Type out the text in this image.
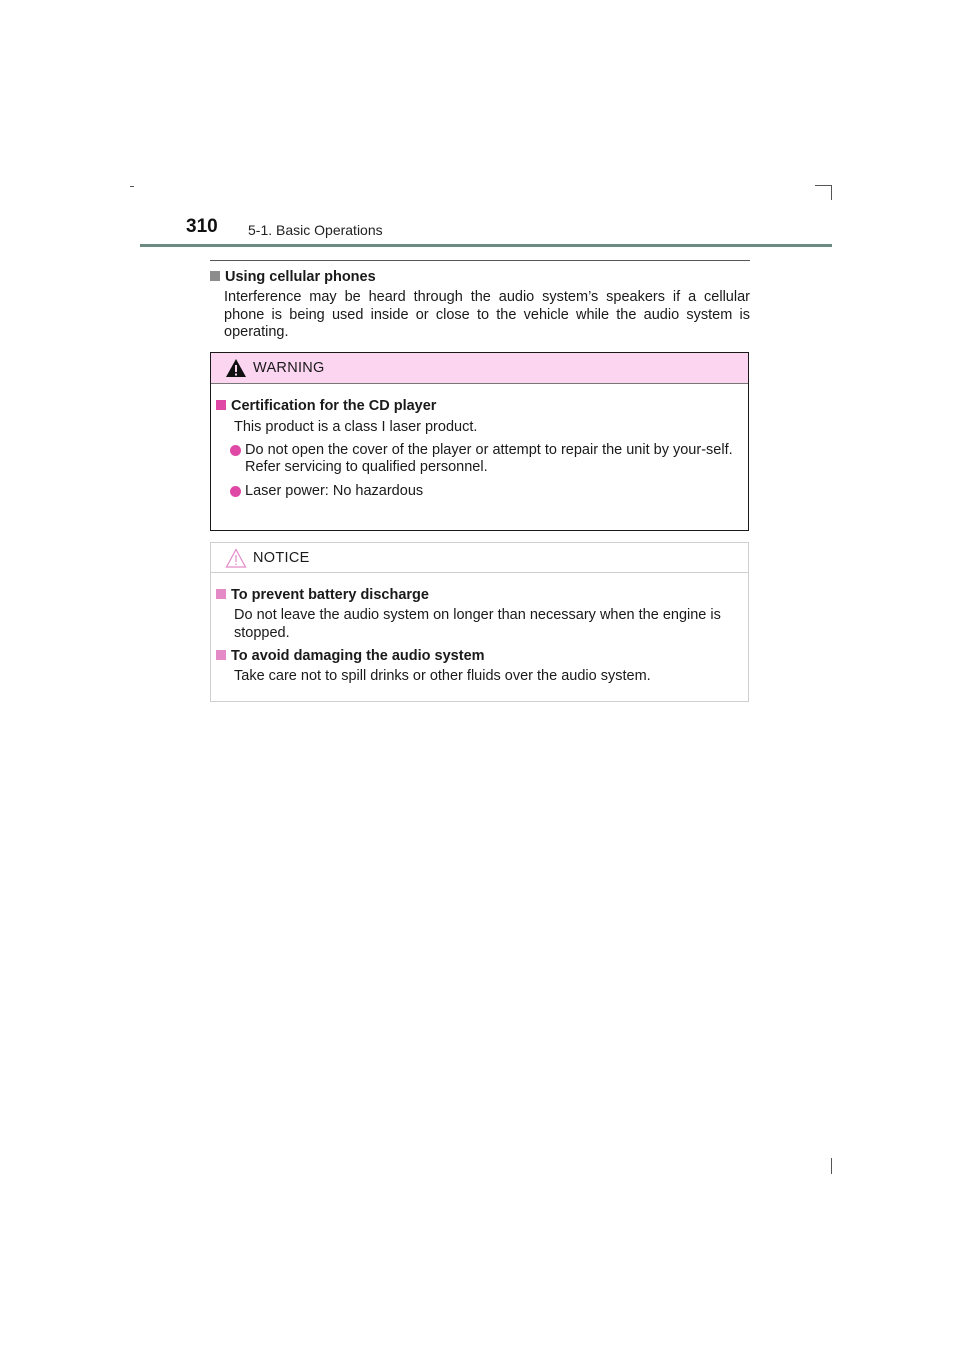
310 5-1. Basic Operations
Using cellular phones
Interference may be heard through the audio system’s speakers if a cellular phone is being used inside or close to the vehicle while the audio system is operating.
WARNING
Certification for the CD player
This product is a class I laser product.
Do not open the cover of the player or attempt to repair the unit by your-self.
Refer servicing to qualified personnel.
Laser power: No hazardous
NOTICE
To prevent battery discharge
Do not leave the audio system on longer than necessary when the engine is stopped.
To avoid damaging the audio system
Take care not to spill drinks or other fluids over the audio system.
